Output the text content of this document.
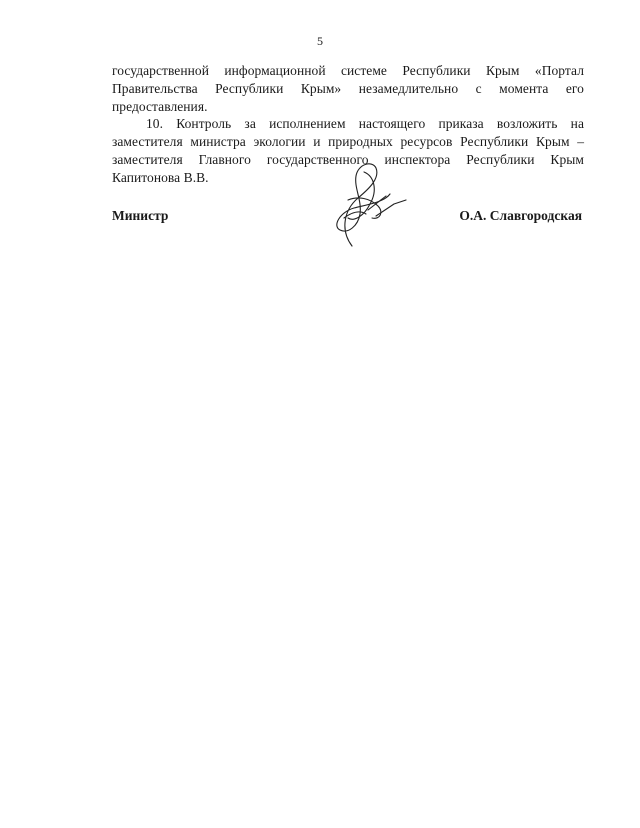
5

государственной информационной системе Республики Крым «Портал Правительства Республики Крым» незамедлительно с момента его предоставления.

10. Контроль за исполнением настоящего приказа возложить на заместителя министра экологии и природных ресурсов Республики Крым – заместителя Главного государственного инспектора Республики Крым Капитонова В.В.

Министр	О.А. Славгородская
